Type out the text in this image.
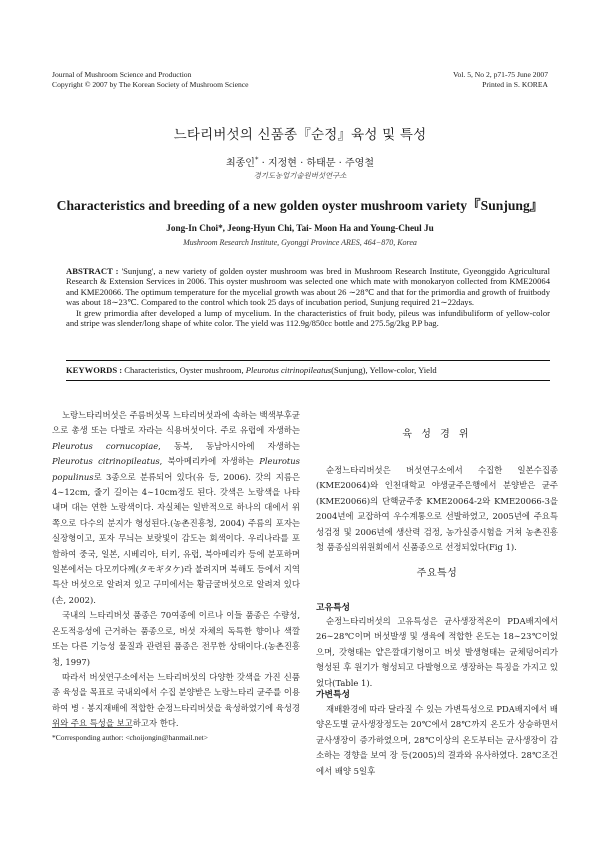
Journal of Mushroom Science and Production
Copyright © 2007 by The Korean Society of Mushroom Science
Vol. 5, No 2, p71-75 June 2007
Printed in S. KOREA
느타리버섯의 신품종『순정』육성 및 특성
최종인* · 지정현 · 하태문 · 주영철
경기도농업기술원버섯연구소
Characteristics and breeding of a new golden oyster mushroom variety『Sunjung』
Jong-In Choi*, Jeong-Hyun Chi, Tai- Moon Ha and Young-Cheul Ju
Mushroom Research Institute, Gyonggi Province ARES, 464−870, Korea

ABSTRACT : 'Sunjung', a new variety of golden oyster mushroom was bred in Mushroom Research Institute, Gyeonggido Agricultural Research & Extension Services in 2006. This oyster mushroom was selected one which mate with monokaryon collected from KME20064 and KME20066. The optimum temperature for the mycelial growth was about 26 ∼28℃ and that for the primordia and growth of fruitbody was about 18∼23℃. Compared to the control which took 25 days of incubation period, Sunjung required 21∼22days.

It grew primordia after developed a lump of mycelium. In the characteristics of fruit body, pileus was infundibuliform of yellow-color and stripe was slender/long shape of white color. The yield was 112.9g/850cc bottle and 275.5g/2kg P.P bag.

KEYWORDS : Characteristics, Oyster mushroom, Pleurotus citrinopileatus(Sunjung), Yellow-color, Yield

노랑느타리버섯은 주름버섯목 느타리버섯과에 속하는 백색부후균으로 총생 또는 다발로 자라는 식용버섯이다. 주로 유럽에 자생하는 Pleurotus cornucopiae, 동북, 동남아시아에 자생하는 Pleurotus citrinopileatus, 북아메리카에 자생하는 Pleurotus populinus로 3종으로 분류되어 있다(유 등, 2006). 갓의 지름은 4∼12cm, 줄기 길이는 4∼10cm정도 된다. 갓색은 노랑색을 나타내며 대는 연한 노랑색이다. 자실체는 일반적으로 하나의 대에서 위쪽으로 다수의 분지가 형성된다.(농촌진흥청, 2004) 주름의 포자는 실장형이고, 포자 무늬는 보랏빛이 감도는 회색이다. 우리나라를 포함하여 중국, 일본, 시베리아, 터키, 유럽, 북아메리카 등에 분포하며 일본에서는 다모끼다께(タモギタケ)라 불려지며 북해도 등에서 지역 특산 버섯으로 알려져 있고 구미에서는 황금굴버섯으로 알려져 있다(손, 2002).

국내의 느타리버섯 품종은 70여종에 이르나 이들 품종은 수량성, 온도적응성에 근거하는 품종으로, 버섯 자체의 독특한 향이나 색깔 또는 다른 기능성 물질과 관련된 품종은 전무한 상태이다.(농촌진흥청, 1997)

따라서 버섯연구소에서는 느타리버섯의 다양한 갓색을 가진 신품종 육성을 목표로 국내외에서 수집 분양받은 노랑느타리 균주를 이용하여 병 · 봉지재배에 적합한 순정느타리버섯을 육성하였기에 육성경위와 주요 특성을 보고하고자 한다.

육 성 경 위

순정느타리버섯은 버섯연구소에서 수집한 일본수집종(KME20064)와 인천대학교 야생균주은행에서 분양받은 균주(KME20066)의 단핵균주중 KME20064-2와 KME20066-3을 2004년에 교잡하여 우수계통으로 선발하였고, 2005년에 주요특성검정 및 2006년에 생산력 검정, 농가실증시험을 거쳐 농촌진흥청 품종심의위원회에서 신품종으로 선정되었다(Fig 1).

주요특성
고유특성

순정느타리버섯의 고유특성은 균사생장적온이 PDA배지에서 26∼28℃이며 버섯발생 및 생육에 적합한 온도는 18∼23℃이었으며, 갓형태는 얕은깔대기형이고 버섯 발생형태는 균체덩어리가 형성된 후 원기가 형성되고 다발형으로 생장하는 특징을 가지고 있었다(Table 1).

가변특성

재배환경에 따라 달라질 수 있는 가변특성으로 PDA배지에서 배양온도별 균사생장정도는 20℃에서 28℃까지 온도가 상승하면서 균사생장이 증가하였으며, 28℃이상의 온도부터는 균사생장이 감소하는 경향을 보여 장 등(2005)의 결과와 유사하였다. 28℃조건에서 배양 5일후

*Corresponding author: <choijongin@hanmail.net>
